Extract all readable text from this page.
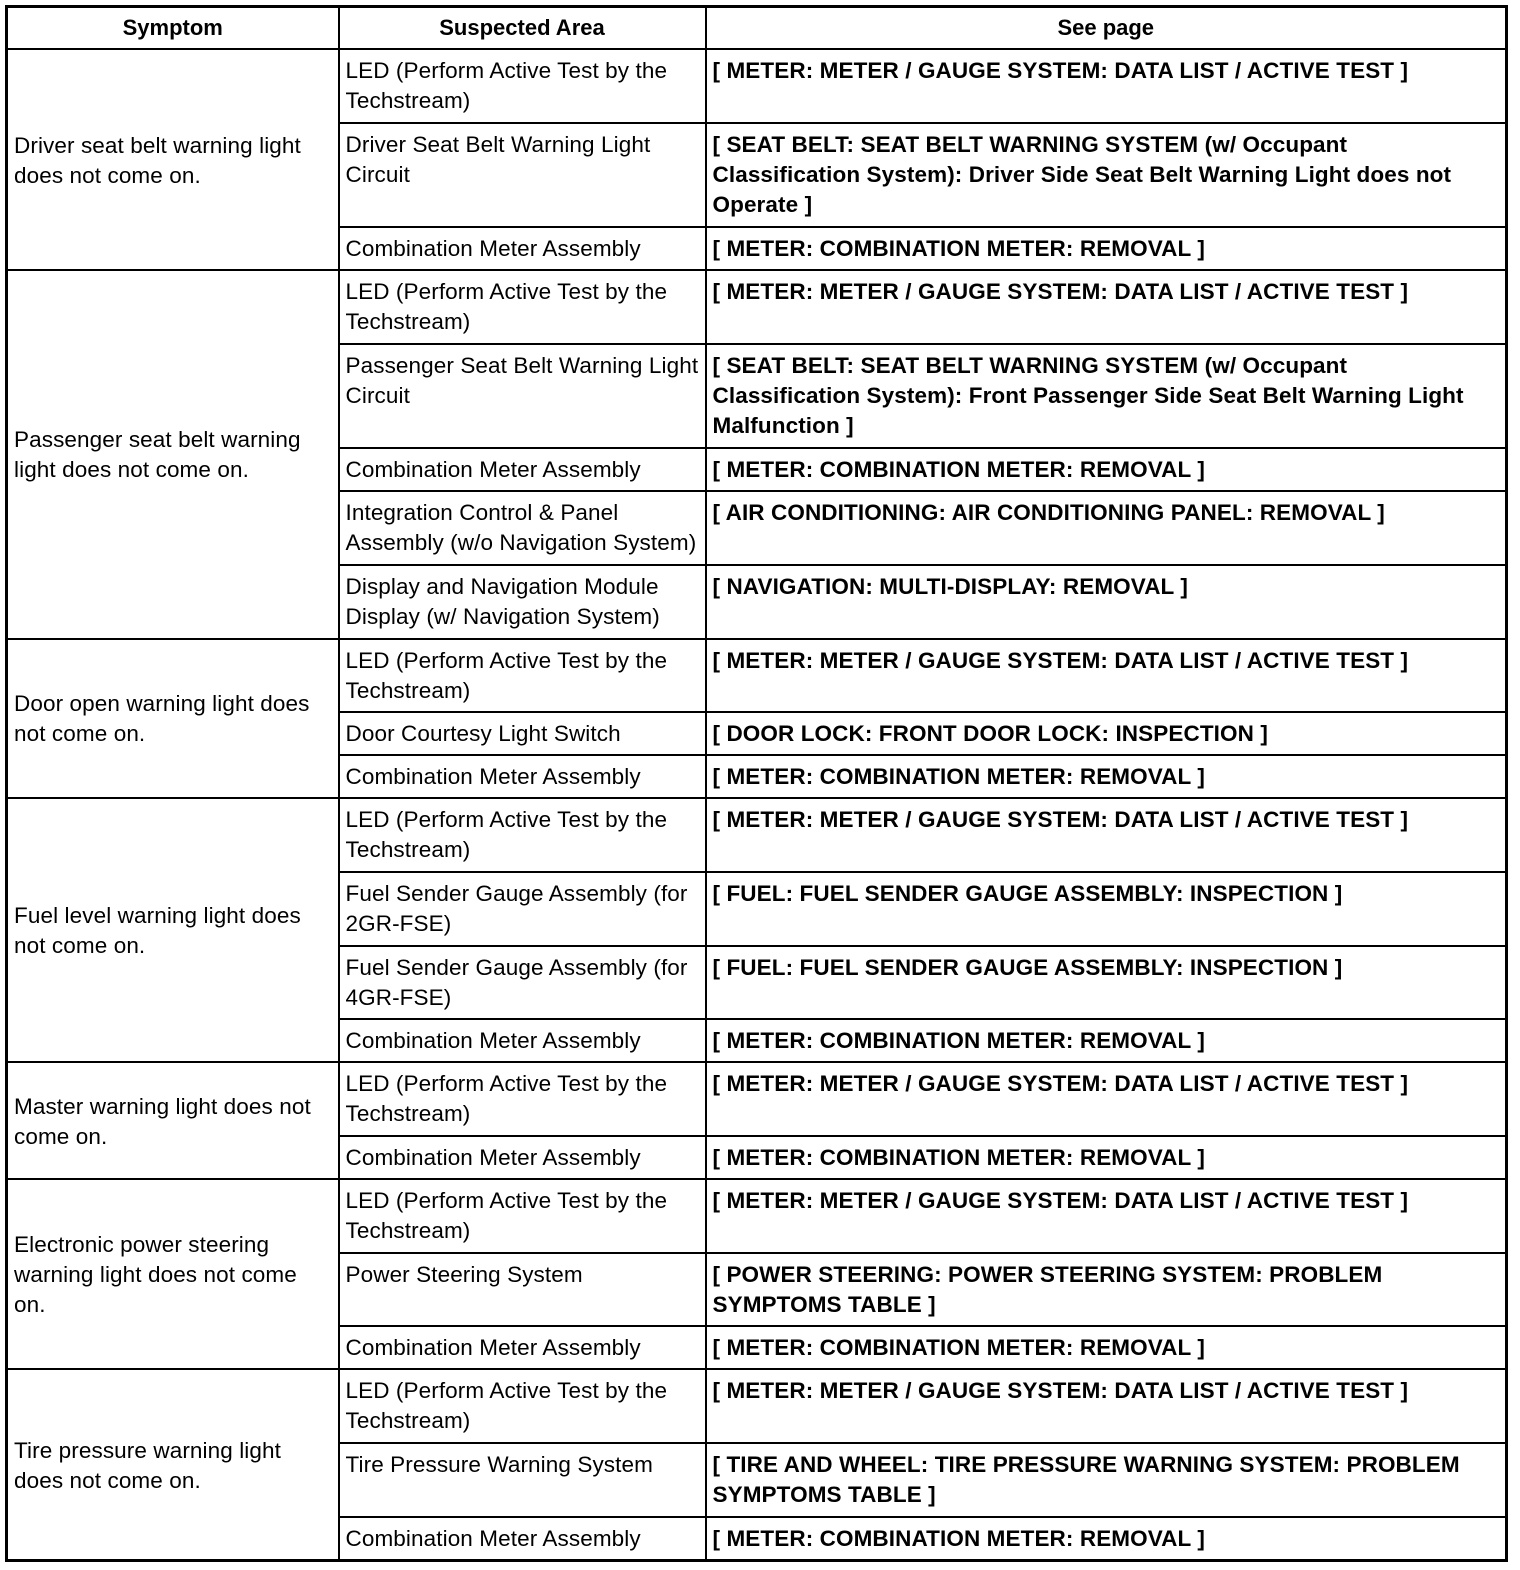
Symptom	Suspected Area	See page
Driver seat belt warning light does not come on.	LED (Perform Active Test by the Techstream)	[ METER: METER / GAUGE SYSTEM: DATA LIST / ACTIVE TEST ]
	Driver Seat Belt Warning Light Circuit	[ SEAT BELT: SEAT BELT WARNING SYSTEM (w/ Occupant Classification System): Driver Side Seat Belt Warning Light does not Operate ]
	Combination Meter Assembly	[ METER: COMBINATION METER: REMOVAL ]
Passenger seat belt warning light does not come on.	LED (Perform Active Test by the Techstream)	[ METER: METER / GAUGE SYSTEM: DATA LIST / ACTIVE TEST ]
	Passenger Seat Belt Warning Light Circuit	[ SEAT BELT: SEAT BELT WARNING SYSTEM (w/ Occupant Classification System): Front Passenger Side Seat Belt Warning Light Malfunction ]
	Combination Meter Assembly	[ METER: COMBINATION METER: REMOVAL ]
	Integration Control & Panel Assembly (w/o Navigation System)	[ AIR CONDITIONING: AIR CONDITIONING PANEL: REMOVAL ]
	Display and Navigation Module Display (w/ Navigation System)	[ NAVIGATION: MULTI-DISPLAY: REMOVAL ]
Door open warning light does not come on.	LED (Perform Active Test by the Techstream)	[ METER: METER / GAUGE SYSTEM: DATA LIST / ACTIVE TEST ]
	Door Courtesy Light Switch	[ DOOR LOCK: FRONT DOOR LOCK: INSPECTION ]
	Combination Meter Assembly	[ METER: COMBINATION METER: REMOVAL ]
Fuel level warning light does not come on.	LED (Perform Active Test by the Techstream)	[ METER: METER / GAUGE SYSTEM: DATA LIST / ACTIVE TEST ]
	Fuel Sender Gauge Assembly (for 2GR-FSE)	[ FUEL: FUEL SENDER GAUGE ASSEMBLY: INSPECTION ]
	Fuel Sender Gauge Assembly (for 4GR-FSE)	[ FUEL: FUEL SENDER GAUGE ASSEMBLY: INSPECTION ]
	Combination Meter Assembly	[ METER: COMBINATION METER: REMOVAL ]
Master warning light does not come on.	LED (Perform Active Test by the Techstream)	[ METER: METER / GAUGE SYSTEM: DATA LIST / ACTIVE TEST ]
	Combination Meter Assembly	[ METER: COMBINATION METER: REMOVAL ]
Electronic power steering warning light does not come on.	LED (Perform Active Test by the Techstream)	[ METER: METER / GAUGE SYSTEM: DATA LIST / ACTIVE TEST ]
	Power Steering System	[ POWER STEERING: POWER STEERING SYSTEM: PROBLEM SYMPTOMS TABLE ]
	Combination Meter Assembly	[ METER: COMBINATION METER: REMOVAL ]
Tire pressure warning light does not come on.	LED (Perform Active Test by the Techstream)	[ METER: METER / GAUGE SYSTEM: DATA LIST / ACTIVE TEST ]
	Tire Pressure Warning System	[ TIRE AND WHEEL: TIRE PRESSURE WARNING SYSTEM: PROBLEM SYMPTOMS TABLE ]
	Combination Meter Assembly	[ METER: COMBINATION METER: REMOVAL ]
